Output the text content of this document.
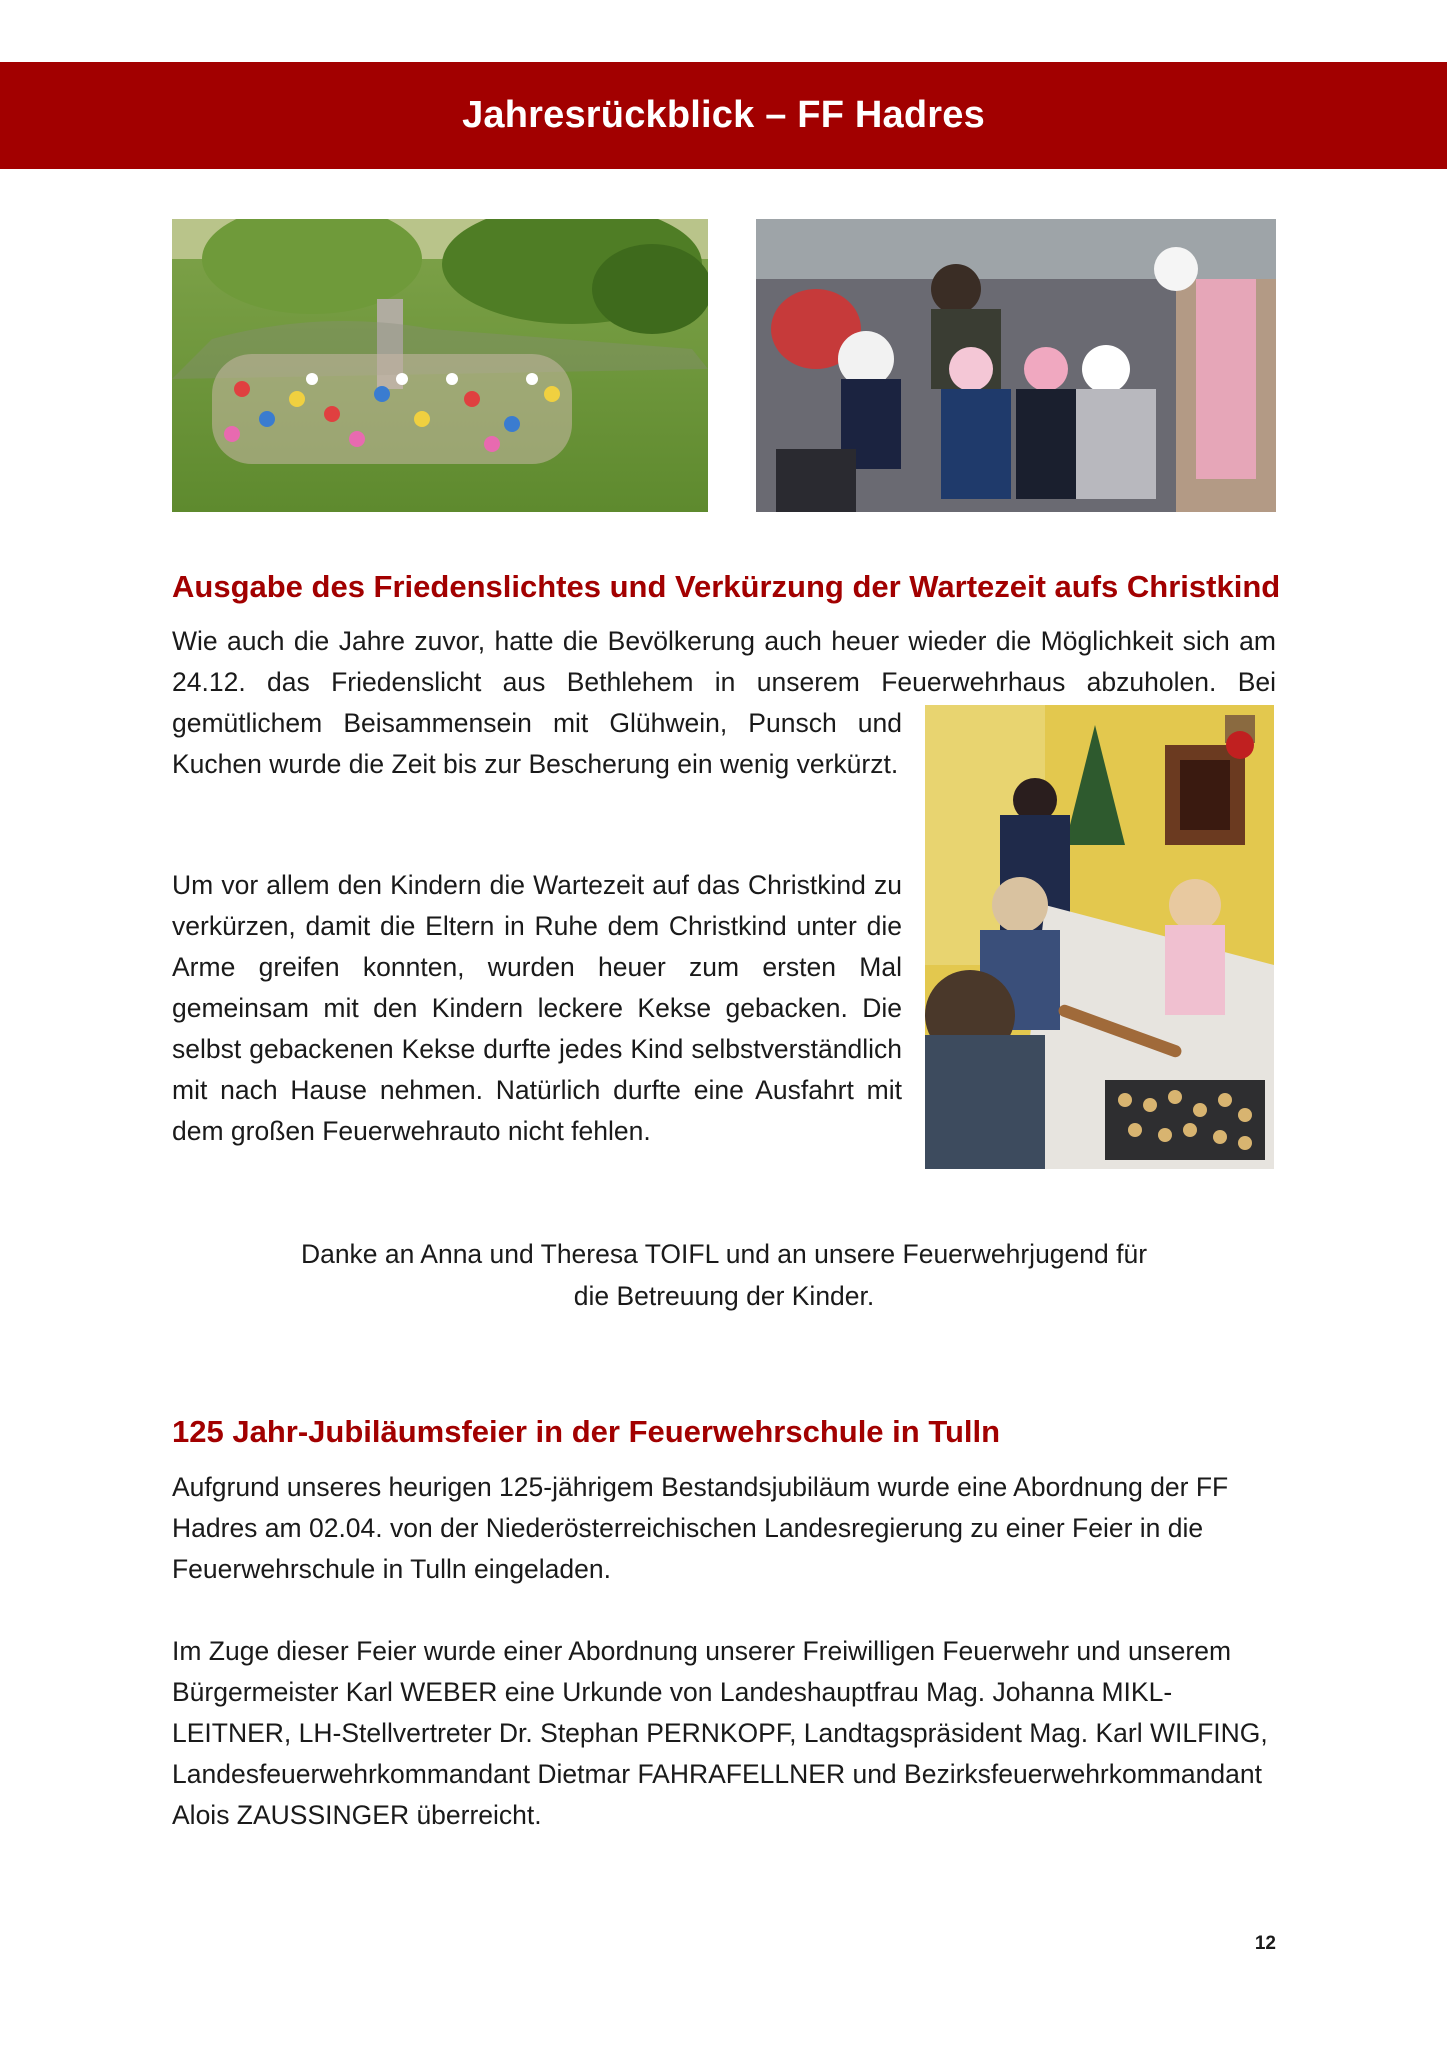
Jahresrückblick – FF Hadres
Ausgabe des Friedenslichtes und Verkürzung der Wartezeit aufs Christkind

Wie auch die Jahre zuvor, hatte die Bevölkerung auch heuer wieder die Möglichkeit sich am 24.12. das Friedenslicht aus Bethlehem in unserem Feuerwehrhaus abzuholen. Bei

gemütlichem Beisammensein mit Glühwein, Punsch und Kuchen wurde die Zeit bis zur Bescherung ein wenig verkürzt.

Um vor allem den Kindern die Wartezeit auf das Christkind zu verkürzen, damit die Eltern in Ruhe dem Christkind unter die Arme greifen konnten, wurden heuer zum ersten Mal gemeinsam mit den Kindern leckere Kekse gebacken. Die selbst gebackenen Kekse durfte jedes Kind selbstverständlich mit nach Hause nehmen. Natürlich durfte eine Ausfahrt mit dem großen Feuerwehrauto nicht fehlen.

Danke an Anna und Theresa TOIFL und an unsere Feuerwehrjugend für
die Betreuung der Kinder.
125 Jahr-Jubiläumsfeier in der Feuerwehrschule in Tulln

Aufgrund unseres heurigen 125-jährigem Bestandsjubiläum wurde eine Abordnung der FF Hadres am 02.04. von der Niederösterreichischen Landesregierung zu einer Feier in die Feuerwehrschule in Tulln eingeladen.

Im Zuge dieser Feier wurde einer Abordnung unserer Freiwilligen Feuerwehr und unserem Bürgermeister Karl WEBER eine Urkunde von Landeshauptfrau Mag. Johanna MIKL-LEITNER, LH-Stellvertreter Dr. Stephan PERNKOPF, Landtagspräsident Mag. Karl WILFING, Landesfeuerwehrkommandant Dietmar FAHRAFELLNER und Bezirksfeuerwehrkommandant Alois ZAUSSINGER überreicht.

12
